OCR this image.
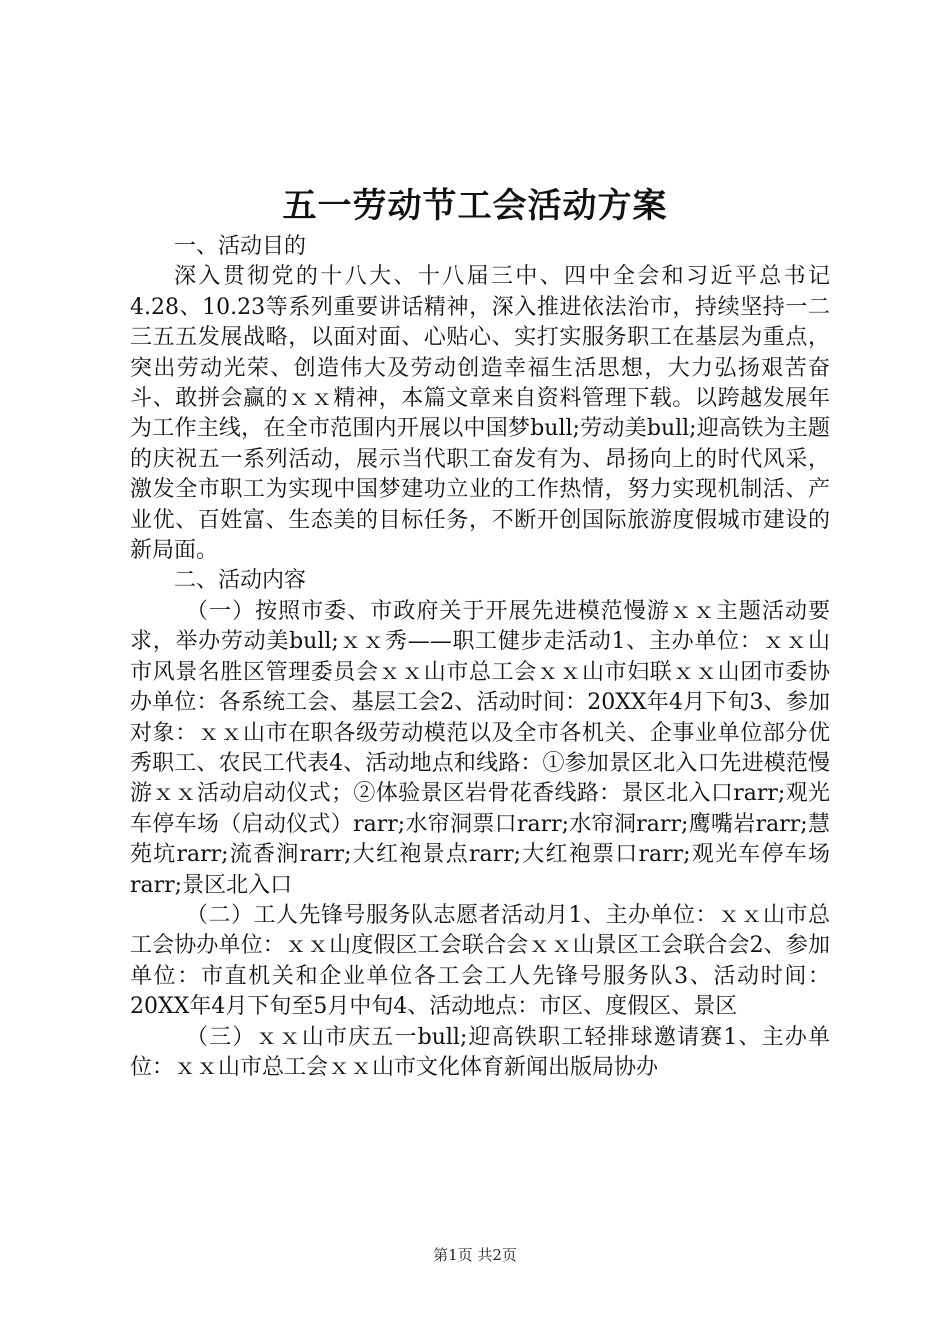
五一劳动节工会活动方案

一、活动目的

深入贯彻党的十八大、十八届三中、四中全会和习近平总书记4.28、10.23等系列重要讲话精神，深入推进依法治市，持续坚持一二三五五发展战略，以面对面、心贴心、实打实服务职工在基层为重点，突出劳动光荣、创造伟大及劳动创造幸福生活思想，大力弘扬艰苦奋斗、敢拼会赢的ｘｘ精神，本篇文章来自资料管理下载。以跨越发展年为工作主线，在全市范围内开展以中国梦bull;劳动美bull;迎高铁为主题的庆祝五一系列活动，展示当代职工奋发有为、昂扬向上的时代风采，激发全市职工为实现中国梦建功立业的工作热情，努力实现机制活、产业优、百姓富、生态美的目标任务，不断开创国际旅游度假城市建设的新局面。

二、活动内容

（一）按照市委、市政府关于开展先进模范慢游ｘｘ主题活动要求，举办劳动美bull;ｘｘ秀——职工健步走活动1、主办单位：ｘｘ山市风景名胜区管理委员会ｘｘ山市总工会ｘｘ山市妇联ｘｘ山团市委协办单位：各系统工会、基层工会2、活动时间：20XX年4月下旬3、参加对象：ｘｘ山市在职各级劳动模范以及全市各机关、企事业单位部分优秀职工、农民工代表4、活动地点和线路：①参加景区北入口先进模范慢游ｘｘ活动启动仪式；②体验景区岩骨花香线路：景区北入口rarr;观光车停车场（启动仪式）rarr;水帘洞票口rarr;水帘洞rarr;鹰嘴岩rarr;慧苑坑rarr;流香涧rarr;大红袍景点rarr;大红袍票口rarr;观光车停车场rarr;景区北入口

（二）工人先锋号服务队志愿者活动月1、主办单位：ｘｘ山市总工会协办单位：ｘｘ山度假区工会联合会ｘｘ山景区工会联合会2、参加单位：市直机关和企业单位各工会工人先锋号服务队3、活动时间：20XX年4月下旬至5月中旬4、活动地点：市区、度假区、景区

（三）ｘｘ山市庆五一bull;迎高铁职工轻排球邀请赛1、主办单位：ｘｘ山市总工会ｘｘ山市文化体育新闻出版局协办

第1页 共2页
